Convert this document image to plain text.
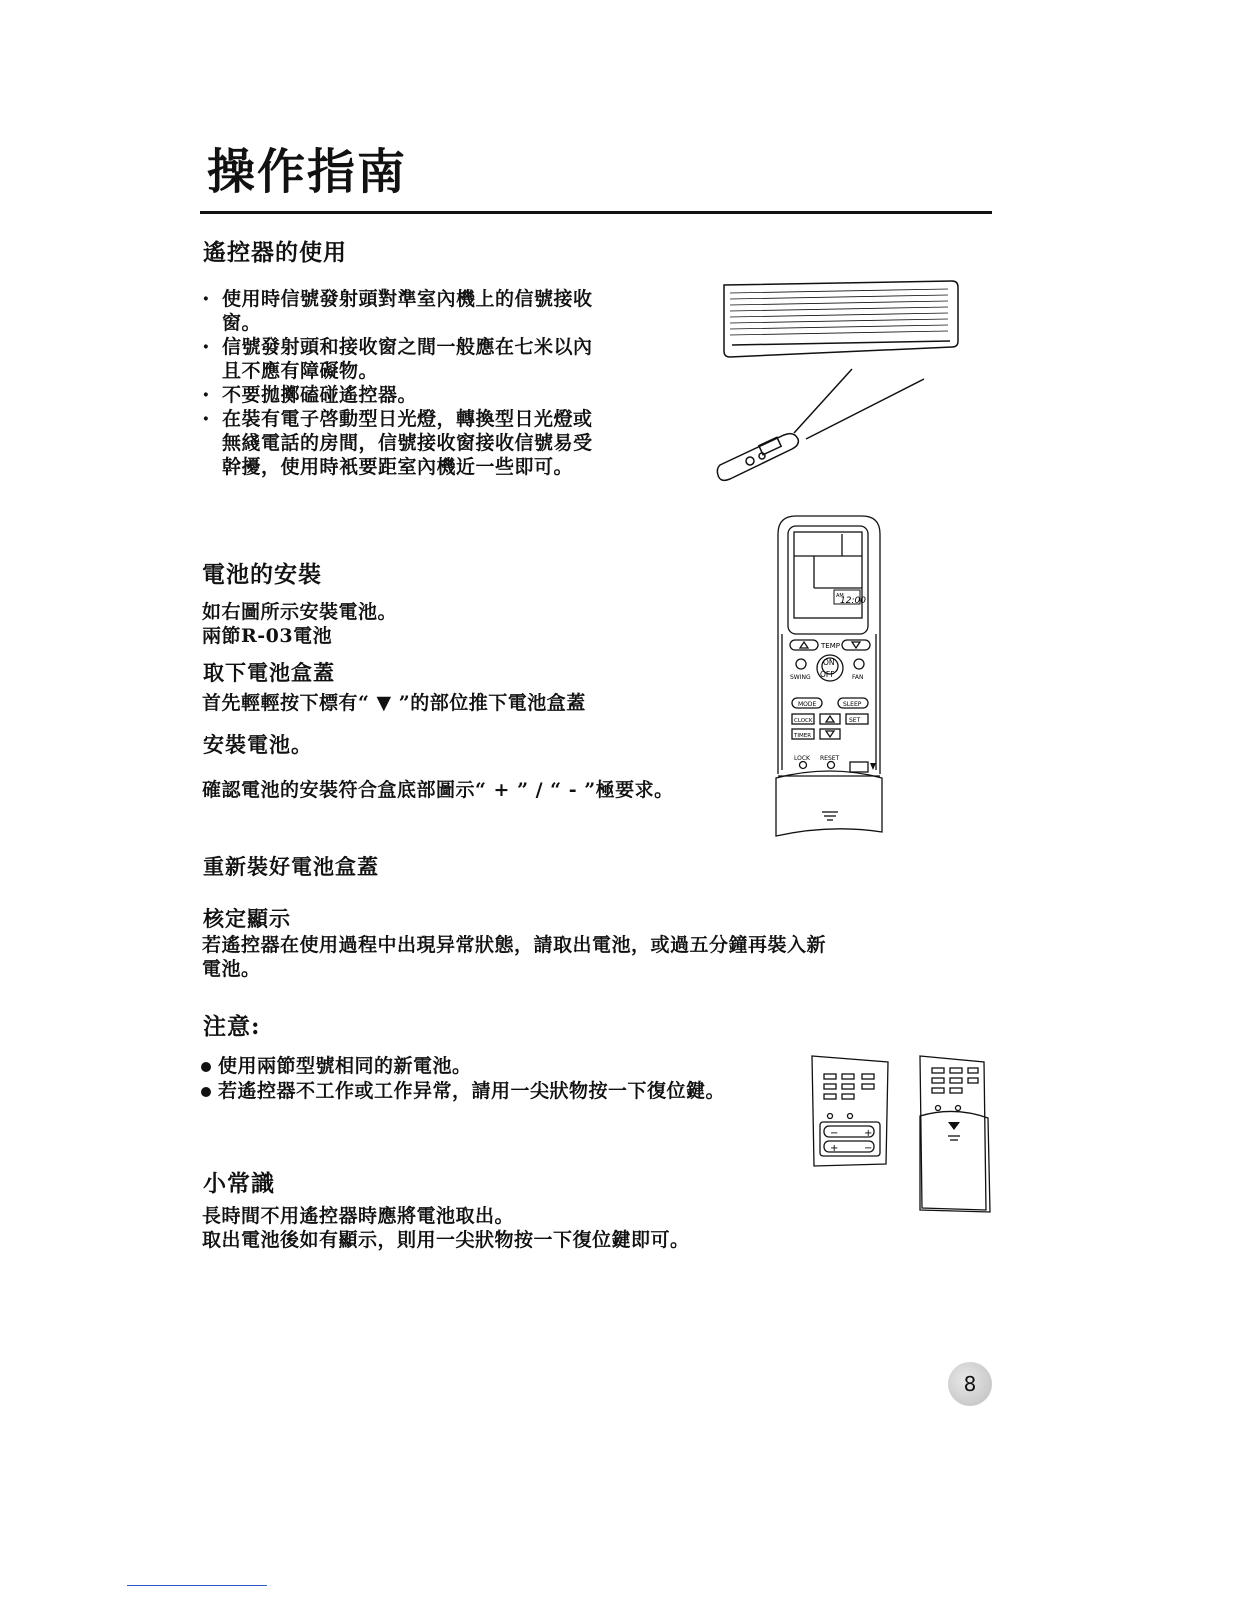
操作指南
遙控器的使用
· 使用時信號發射頭對準室內機上的信號接收窗。
· 信號發射頭和接收窗之間一般應在七米以內且不應有障礙物。
· 不要拋擲磕碰遙控器。
· 在裝有電子啓動型日光燈，轉換型日光燈或無綫電話的房間，信號接收窗接收信號易受幹擾，使用時衹要距室內機近一些即可。
電池的安裝
如右圖所示安裝電池。
兩節R-03電池
取下電池盒蓋
首先輕輕按下標有“ ▼ ”的部位推下電池盒蓋
安裝電池。
確認電池的安裝符合盒底部圖示“ + ” / “ - ”極要求。
重新裝好電池盒蓋
核定顯示
若遙控器在使用過程中出現异常狀態，請取出電池，或過五分鐘再裝入新電池。
AM
12:00
TEMP
ON
OFF
SWING	FAN
MODE	SLEEP
CLOCK	SET
TIMER
LOCK RESET
注意:
使用兩節型號相同的新電池。
若遙控器不工作或工作异常，請用一尖狀物按一下復位鍵。
+
−
+	−
小常識
長時間不用遙控器時應將電池取出。
取出電池後如有顯示，則用一尖狀物按一下復位鍵即可。
8
